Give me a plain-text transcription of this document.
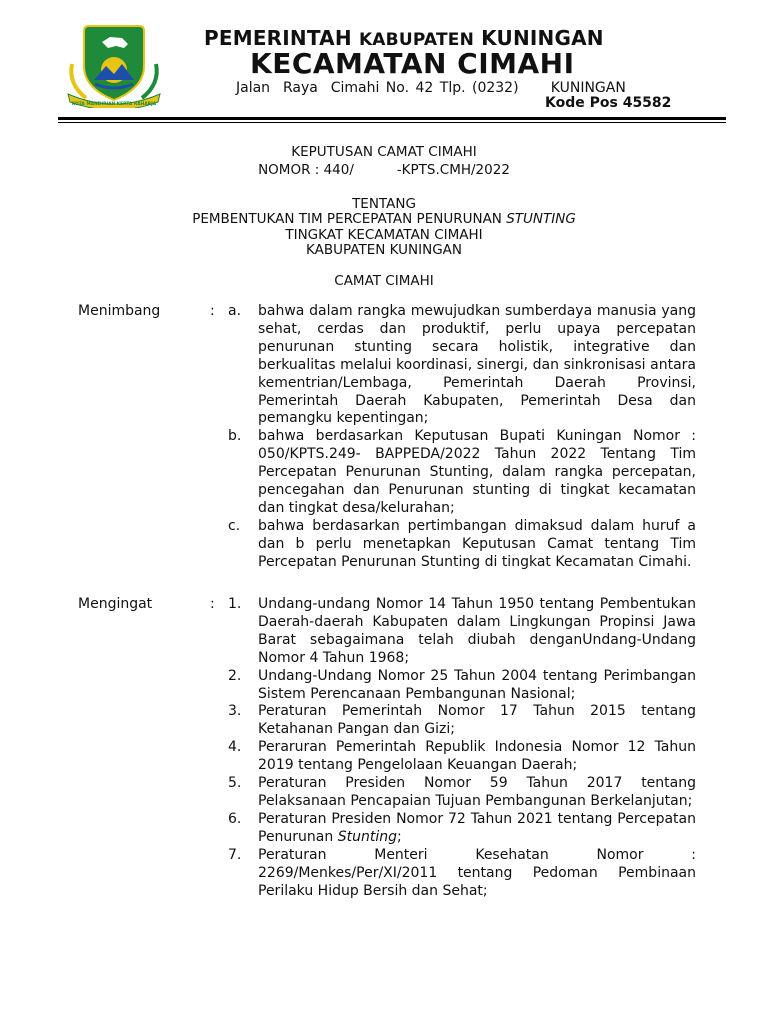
KOTA MANDIRIAN KERTA RAHARJA
PEMERINTAH KABUPATEN KUNINGAN
KECAMATAN CIMAHI
Jalan  Raya  Cimahi No. 42 Tlp. (0232)     KUNINGAN
Kode Pos 45582
KEPUTUSAN CAMAT CIMAHI
NOMOR : 440/          -KPTS.CMH/2022
TENTANG
PEMBENTUKAN TIM PERCEPATAN PENURUNAN STUNTING
TINGKAT KECAMATAN CIMAHI
KABUPATEN KUNINGAN
CAMAT CIMAHI
Menimbang	: a. bahwa dalam rangka mewujudkan sumberdaya manusia yang sehat, cerdas dan produktif, perlu upaya percepatan penurunan stunting secara holistik, integrative dan berkualitas melalui koordinasi, sinergi, dan sinkronisasi antara kementrian/Lembaga, Pemerintah Daerah Provinsi, Pemerintah Daerah Kabupaten, Pemerintah Desa dan pemangku kepentingan;
b. bahwa berdasarkan Keputusan Bupati Kuningan Nomor : 050/KPTS.249- BAPPEDA/2022 Tahun 2022 Tentang Tim Percepatan Penurunan Stunting, dalam rangka percepatan, pencegahan dan Penurunan stunting di tingkat kecamatan dan tingkat desa/kelurahan;
c. bahwa berdasarkan pertimbangan dimaksud dalam huruf a dan b perlu menetapkan Keputusan Camat tentang Tim Percepatan Penurunan Stunting di tingkat Kecamatan Cimahi.
Mengingat	: 1. Undang-undang Nomor 14 Tahun 1950 tentang Pembentukan Daerah-daerah Kabupaten dalam Lingkungan Propinsi Jawa Barat sebagaimana telah diubah denganUndang-Undang Nomor 4 Tahun 1968;
2. Undang-Undang Nomor 25 Tahun 2004 tentang Perimbangan Sistem Perencanaan Pembangunan Nasional;
3. Peraturan Pemerintah Nomor 17 Tahun 2015 tentang Ketahanan Pangan dan Gizi;
4. Peraruran Pemerintah Republik Indonesia Nomor 12 Tahun 2019 tentang Pengelolaan Keuangan Daerah;
5. Peraturan Presiden Nomor 59 Tahun 2017 tentang Pelaksanaan Pencapaian Tujuan Pembangunan Berkelanjutan;
6. Peraturan Presiden Nomor 72 Tahun 2021 tentang Percepatan Penurunan Stunting;
7. Peraturan Menteri Kesehatan Nomor : 2269/Menkes/Per/XI/2011 tentang Pedoman Pembinaan Perilaku Hidup Bersih dan Sehat;
